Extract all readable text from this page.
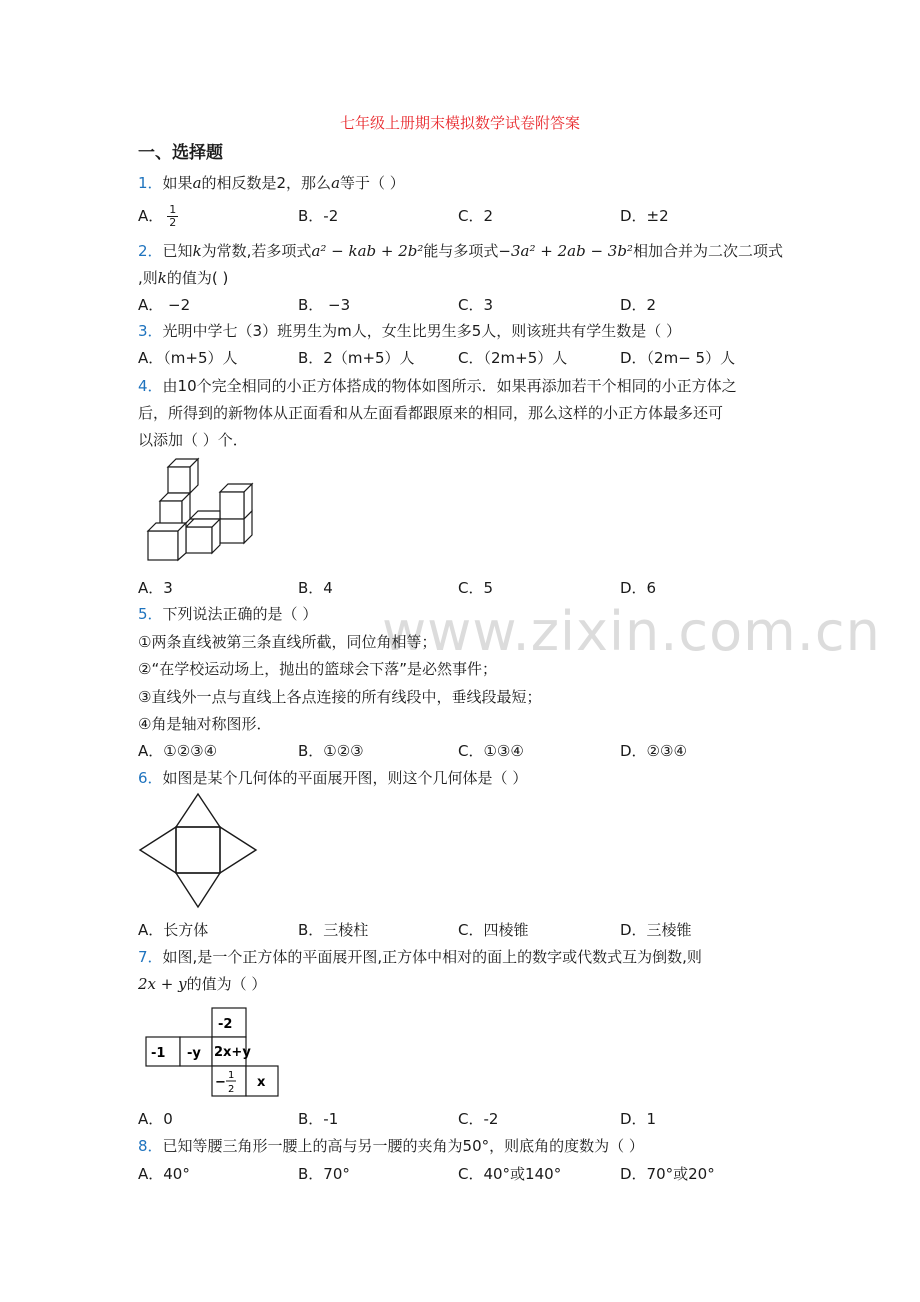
www.zixin.com.cn
七年级上册期末模拟数学试卷附答案
一、选择题
1．如果a的相反数是2，那么a等于（ ）
A． $\frac{1}{2}$	B．-2	C．2	D．±2
2．已知k为常数,若多项式a² − kab + 2b²能与多项式−3a² + 2ab − 3b²相加合并为二次二项式
,则k的值为( )
A． −2	B． −3	C．3	D．2
3．光明中学七（3）班男生为m人，女生比男生多5人，则该班共有学生数是（ ）
A．（m+5）人	B．2（m+5）人	C．（2m+5）人	D．（2m− 5）人
4．由10个完全相同的小正方体搭成的物体如图所示．如果再添加若干个相同的小正方体之
后，所得到的新物体从正面看和从左面看都跟原来的相同，那么这样的小正方体最多还可
以添加（ ）个．
A．3	B．4	C．5	D．6
5．下列说法正确的是（ ）
①两条直线被第三条直线所截，同位角相等；
②“在学校运动场上，抛出的篮球会下落”是必然事件；
③直线外一点与直线上各点连接的所有线段中，垂线段最短；
④角是轴对称图形．
A．①②③④	B．①②③	C．①③④	D．②③④
6．如图是某个几何体的平面展开图，则这个几何体是（ ）
A．长方体	B．三棱柱	C．四棱锥	D．三棱锥
7．如图,是一个正方体的平面展开图,正方体中相对的面上的数字或代数式互为倒数,则
2x + y的值为（ ）
-2
-1 -y 2x+y
− 1
2 x
A．0	B．-1	C．-2	D．1
8．已知等腰三角形一腰上的高与另一腰的夹角为50°，则底角的度数为（ ）
A．40°	B．70°	C．40°或140°	D．70°或20°
